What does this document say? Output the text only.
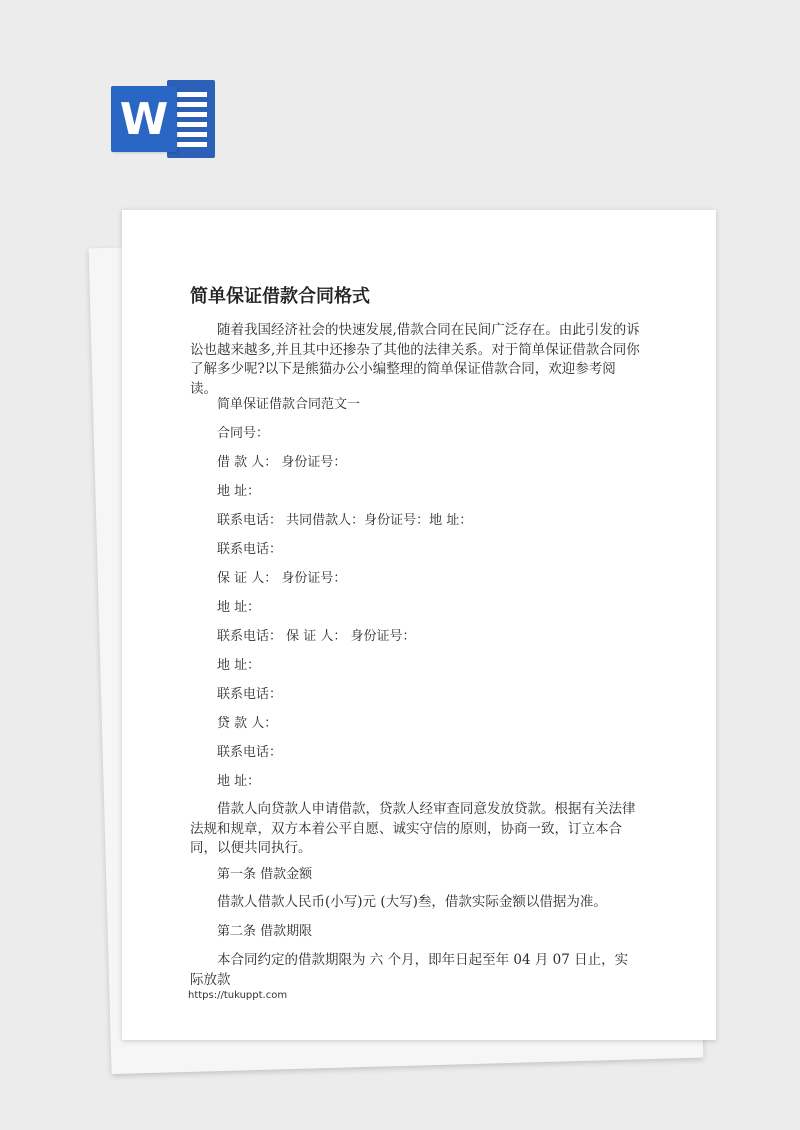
W
简单保证借款合同格式

随着我国经济社会的快速发展,借款合同在民间广泛存在。由此引发的诉讼也越来越多,并且其中还掺杂了其他的法律关系。对于简单保证借款合同你了解多少呢?以下是熊猫办公小编整理的简单保证借款合同，欢迎参考阅读。

简单保证借款合同范文一

合同号：

借 款 人： 身份证号：

地 址：

联系电话： 共同借款人：身份证号：地 址：

联系电话：

保 证 人： 身份证号：

地 址：

联系电话： 保 证 人： 身份证号：

地 址：

联系电话：

贷 款 人：

联系电话：

地 址：

借款人向贷款人申请借款，贷款人经审查同意发放贷款。根据有关法律法规和规章，双方本着公平自愿、诚实守信的原则，协商一致，订立本合同，以便共同执行。

第一条 借款金额

借款人借款人民币(小写)元 (大写)叁，借款实际金额以借据为准。

第二条 借款期限

本合同约定的借款期限为 六 个月，即年日起至年 04 月 07 日止，实际放款

https://tukuppt.com
